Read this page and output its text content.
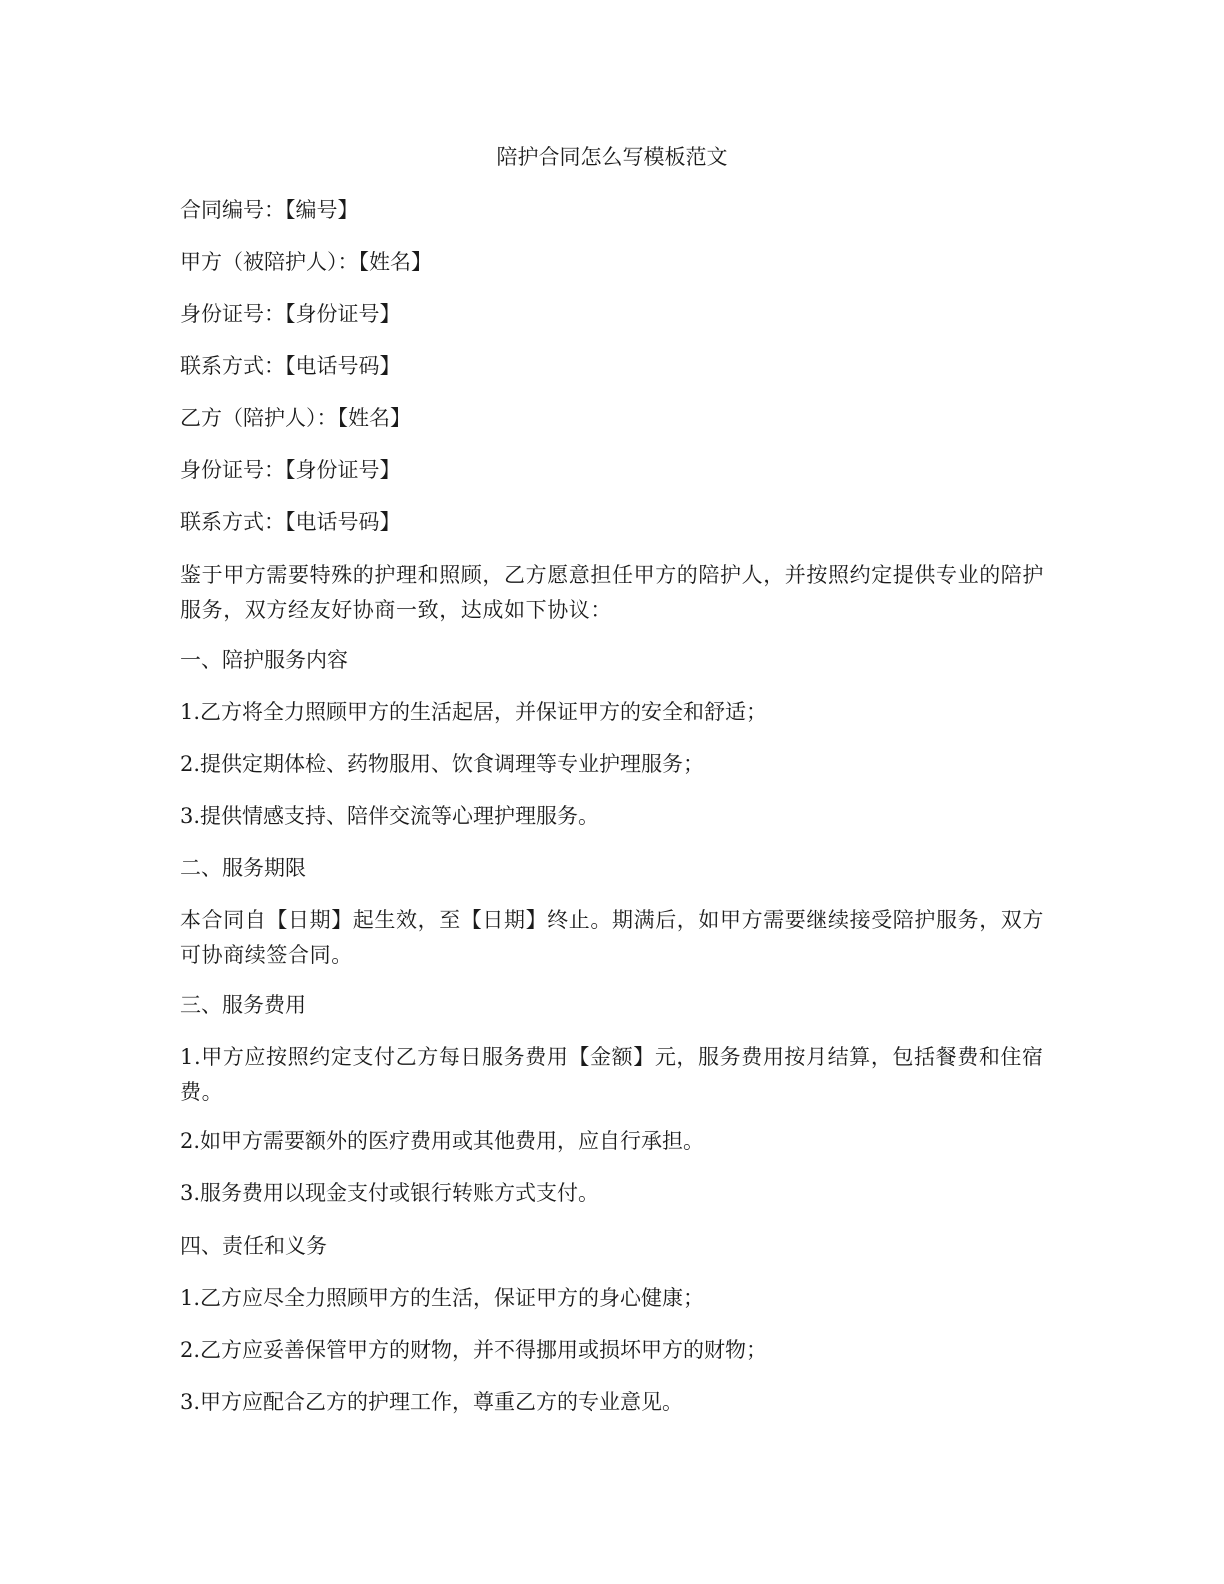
陪护合同怎么写模板范文
合同编号：【编号】
甲方（被陪护人）：【姓名】
身份证号：【身份证号】
联系方式：【电话号码】
乙方（陪护人）：【姓名】
身份证号：【身份证号】
联系方式：【电话号码】
鉴于甲方需要特殊的护理和照顾，乙方愿意担任甲方的陪护人，并按照约定提供专业的陪护服务，双方经友好协商一致，达成如下协议：
一、陪护服务内容
1.乙方将全力照顾甲方的生活起居，并保证甲方的安全和舒适；
2.提供定期体检、药物服用、饮食调理等专业护理服务；
3.提供情感支持、陪伴交流等心理护理服务。
二、服务期限
本合同自【日期】起生效，至【日期】终止。期满后，如甲方需要继续接受陪护服务，双方可协商续签合同。
三、服务费用
1.甲方应按照约定支付乙方每日服务费用【金额】元，服务费用按月结算，包括餐费和住宿费。
2.如甲方需要额外的医疗费用或其他费用，应自行承担。
3.服务费用以现金支付或银行转账方式支付。
四、责任和义务
1.乙方应尽全力照顾甲方的生活，保证甲方的身心健康；
2.乙方应妥善保管甲方的财物，并不得挪用或损坏甲方的财物；
3.甲方应配合乙方的护理工作，尊重乙方的专业意见。
